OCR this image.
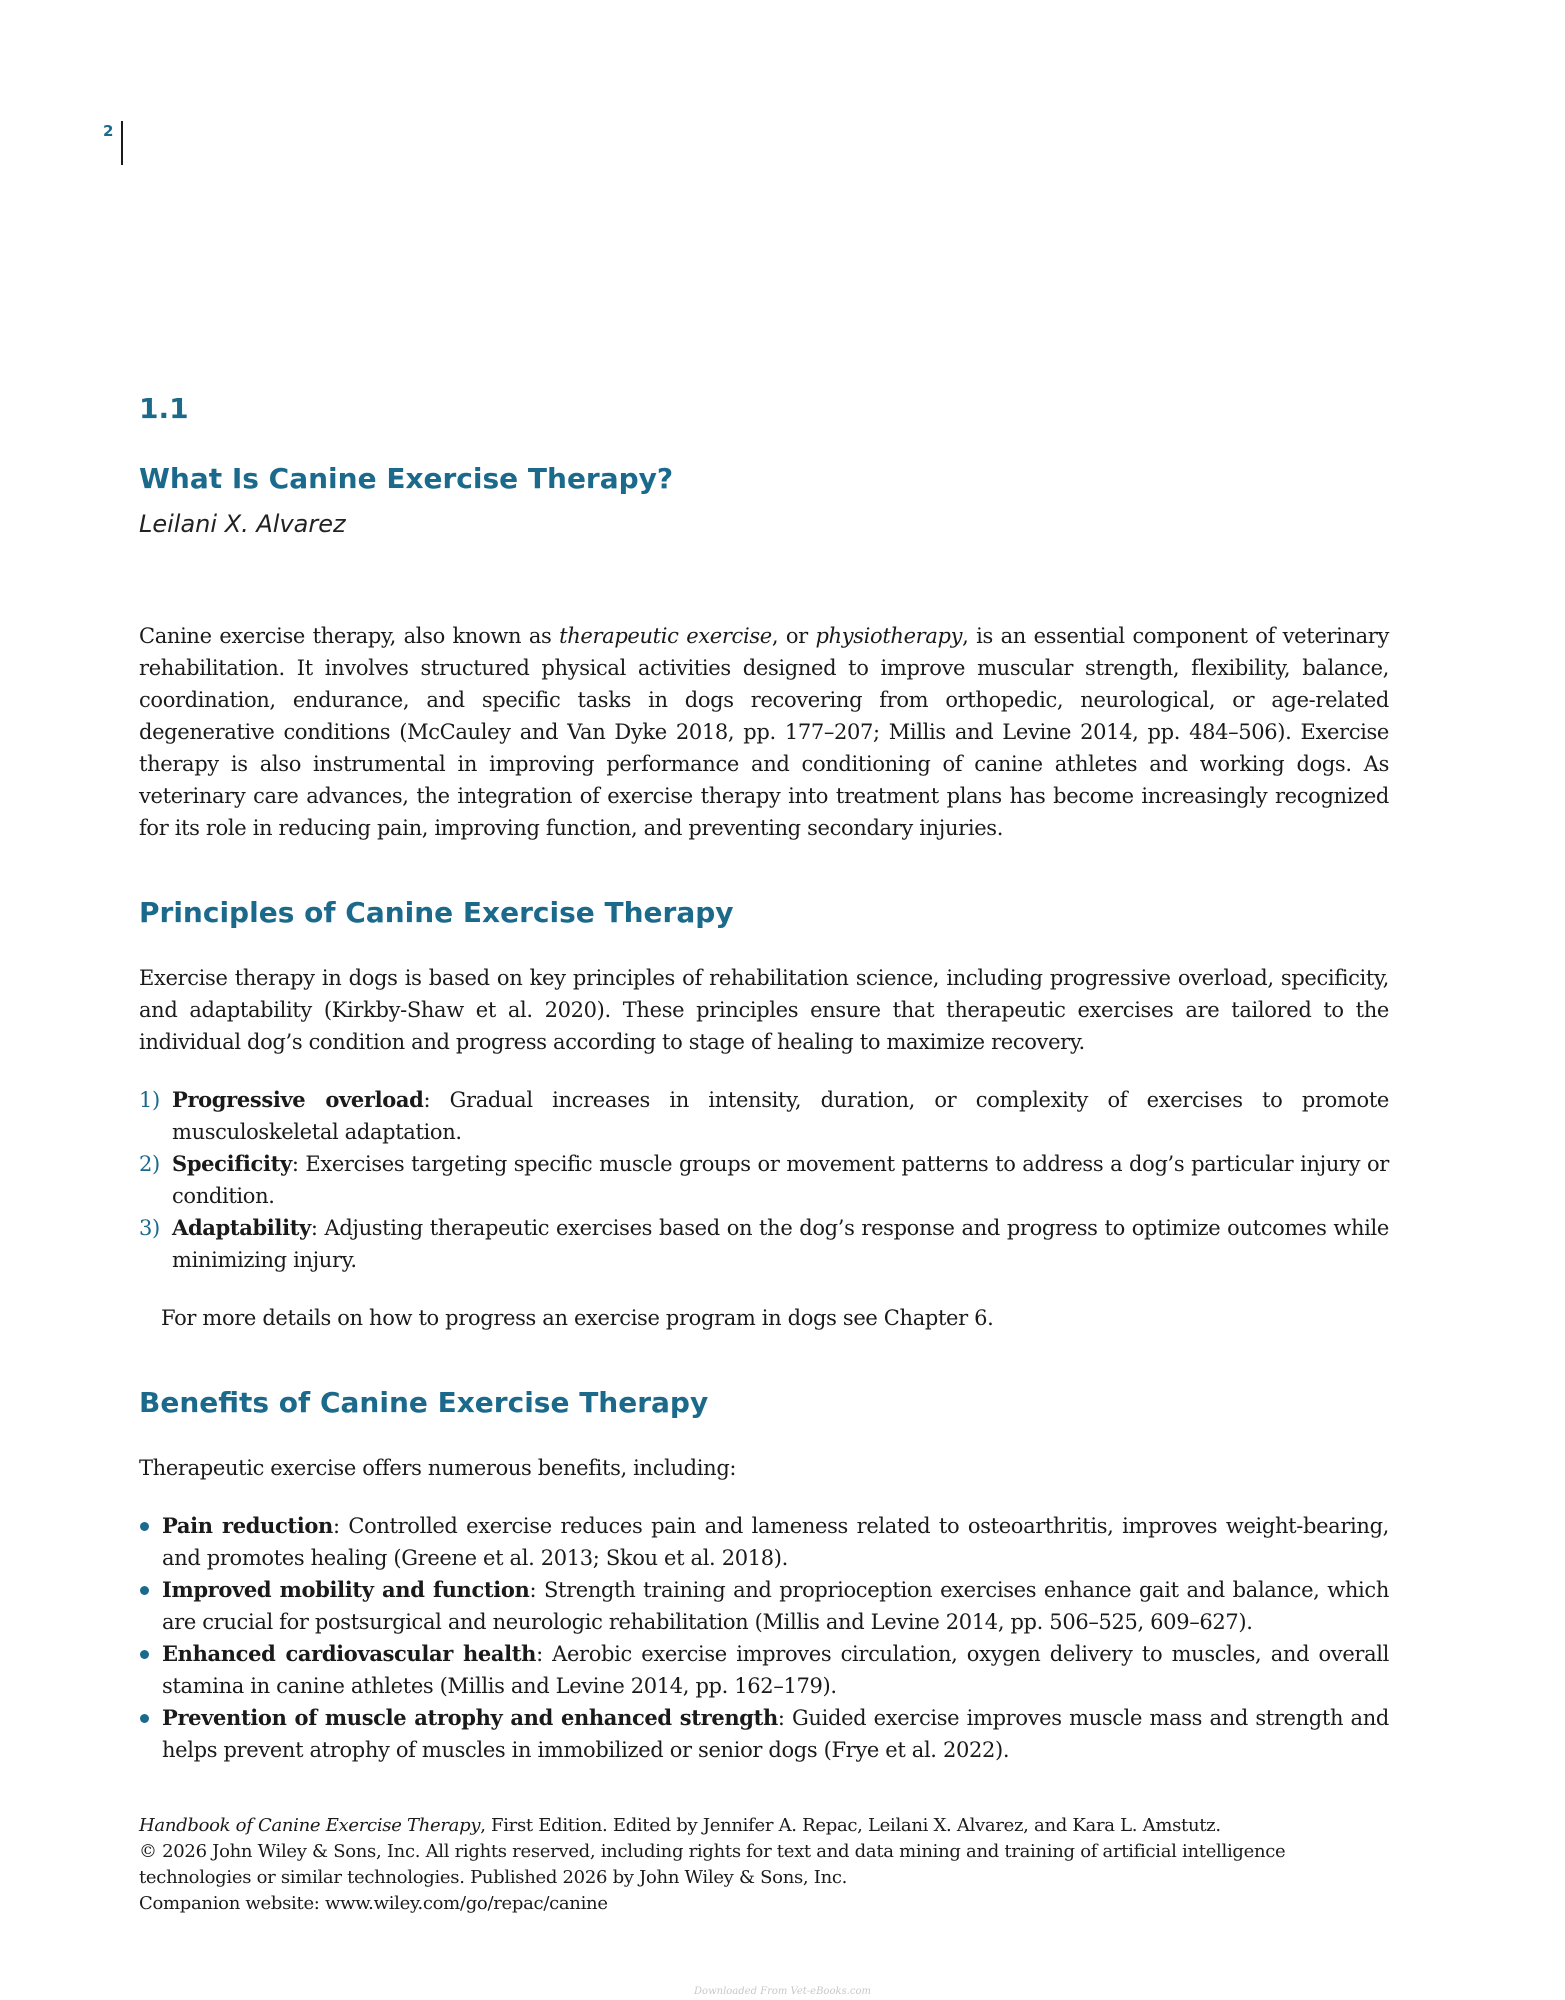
2
1.1
What Is Canine Exercise Therapy?
Leilani X. Alvarez

Canine exercise therapy, also known as therapeutic exercise, or physiotherapy, is an essential component of veterinary rehabilitation. It involves structured physical activities designed to improve muscular strength, flexibility, balance, coordination, endurance, and specific tasks in dogs recovering from orthopedic, neurological, or age-related degenerative conditions (McCauley and Van Dyke 2018, pp. 177–207; Millis and Levine 2014, pp. 484–506). Exercise therapy is also instrumental in improving performance and conditioning of canine athletes and working dogs. As veterinary care advances, the integration of exercise therapy into treatment plans has become increasingly recognized for its role in reducing pain, improving function, and preventing secondary injuries.

Principles of Canine Exercise Therapy

Exercise therapy in dogs is based on key principles of rehabilitation science, including progressive overload, specificity, and adaptability (Kirkby-Shaw et al. 2020). These principles ensure that therapeutic exercises are tailored to the individual dog’s condition and progress according to stage of healing to maximize recovery.

1) Progressive overload: Gradual increases in intensity, duration, or complexity of exercises to promote musculoskeletal adaptation.
2) Specificity: Exercises targeting specific muscle groups or movement patterns to address a dog’s particular injury or condition.
3) Adaptability: Adjusting therapeutic exercises based on the dog’s response and progress to optimize outcomes while minimizing injury.

For more details on how to progress an exercise program in dogs see Chapter 6.

Benefits of Canine Exercise Therapy

Therapeutic exercise offers numerous benefits, including:

Pain reduction: Controlled exercise reduces pain and lameness related to osteoarthritis, improves weight-bearing, and promotes healing (Greene et al. 2013; Skou et al. 2018).
Improved mobility and function: Strength training and proprioception exercises enhance gait and balance, which are crucial for postsurgical and neurologic rehabilitation (Millis and Levine 2014, pp. 506–525, 609–627).
Enhanced cardiovascular health: Aerobic exercise improves circulation, oxygen delivery to muscles, and overall stamina in canine athletes (Millis and Levine 2014, pp. 162–179).
Prevention of muscle atrophy and enhanced strength: Guided exercise improves muscle mass and strength and helps prevent atrophy of muscles in immobilized or senior dogs (Frye et al. 2022).

Handbook of Canine Exercise Therapy, First Edition. Edited by Jennifer A. Repac, Leilani X. Alvarez, and Kara L. Amstutz.

© 2026 John Wiley & Sons, Inc. All rights reserved, including rights for text and data mining and training of artificial intelligence technologies or similar technologies. Published 2026 by John Wiley & Sons, Inc.

Companion website: www.wiley.com/go/repac/canine

Downloaded From Vet-eBooks.com
